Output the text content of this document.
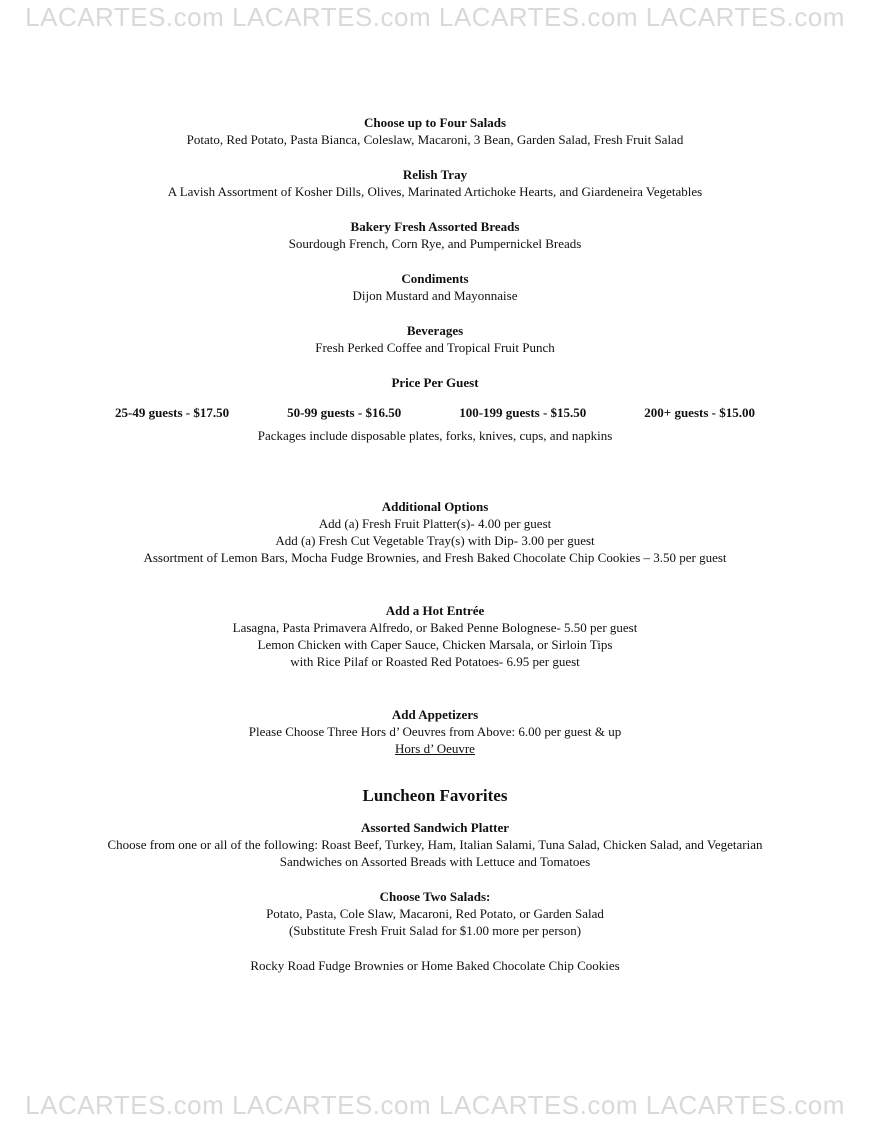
LACARTES.com LACARTES.com LACARTES.com LACARTES.com
Choose up to Four Salads
Potato, Red Potato, Pasta Bianca, Coleslaw, Macaroni, 3 Bean, Garden Salad, Fresh Fruit Salad
Relish Tray
A Lavish Assortment of Kosher Dills, Olives, Marinated Artichoke Hearts, and Giardeneira Vegetables
Bakery Fresh Assorted Breads
Sourdough French, Corn Rye, and Pumpernickel Breads
Condiments
Dijon Mustard and Mayonnaise
Beverages
Fresh Perked Coffee and Tropical Fruit Punch
Price Per Guest
25-49 guests - $17.50	50-99 guests - $16.50	100-199 guests - $15.50	200+ guests - $15.00
Packages include disposable plates, forks, knives, cups, and napkins
Additional Options
Add (a) Fresh Fruit Platter(s)- 4.00 per guest
Add (a) Fresh Cut Vegetable Tray(s) with Dip- 3.00 per guest
Assortment of Lemon Bars, Mocha Fudge Brownies, and Fresh Baked Chocolate Chip Cookies – 3.50 per guest
Add a Hot Entrée
Lasagna, Pasta Primavera Alfredo, or Baked Penne Bolognese- 5.50 per guest
Lemon Chicken with Caper Sauce, Chicken Marsala, or Sirloin Tips
with Rice Pilaf or Roasted Red Potatoes- 6.95 per guest
Add Appetizers
Please Choose Three Hors d’ Oeuvres from Above: 6.00 per guest & up
Hors d’ Oeuvre
Luncheon Favorites
Assorted Sandwich Platter
Choose from one or all of the following: Roast Beef, Turkey, Ham, Italian Salami, Tuna Salad, Chicken Salad, and Vegetarian
Sandwiches on Assorted Breads with Lettuce and Tomatoes
Choose Two Salads:
Potato, Pasta, Cole Slaw, Macaroni, Red Potato, or Garden Salad
(Substitute Fresh Fruit Salad for $1.00 more per person)
Rocky Road Fudge Brownies or Home Baked Chocolate Chip Cookies
LACARTES.com LACARTES.com LACARTES.com LACARTES.com
